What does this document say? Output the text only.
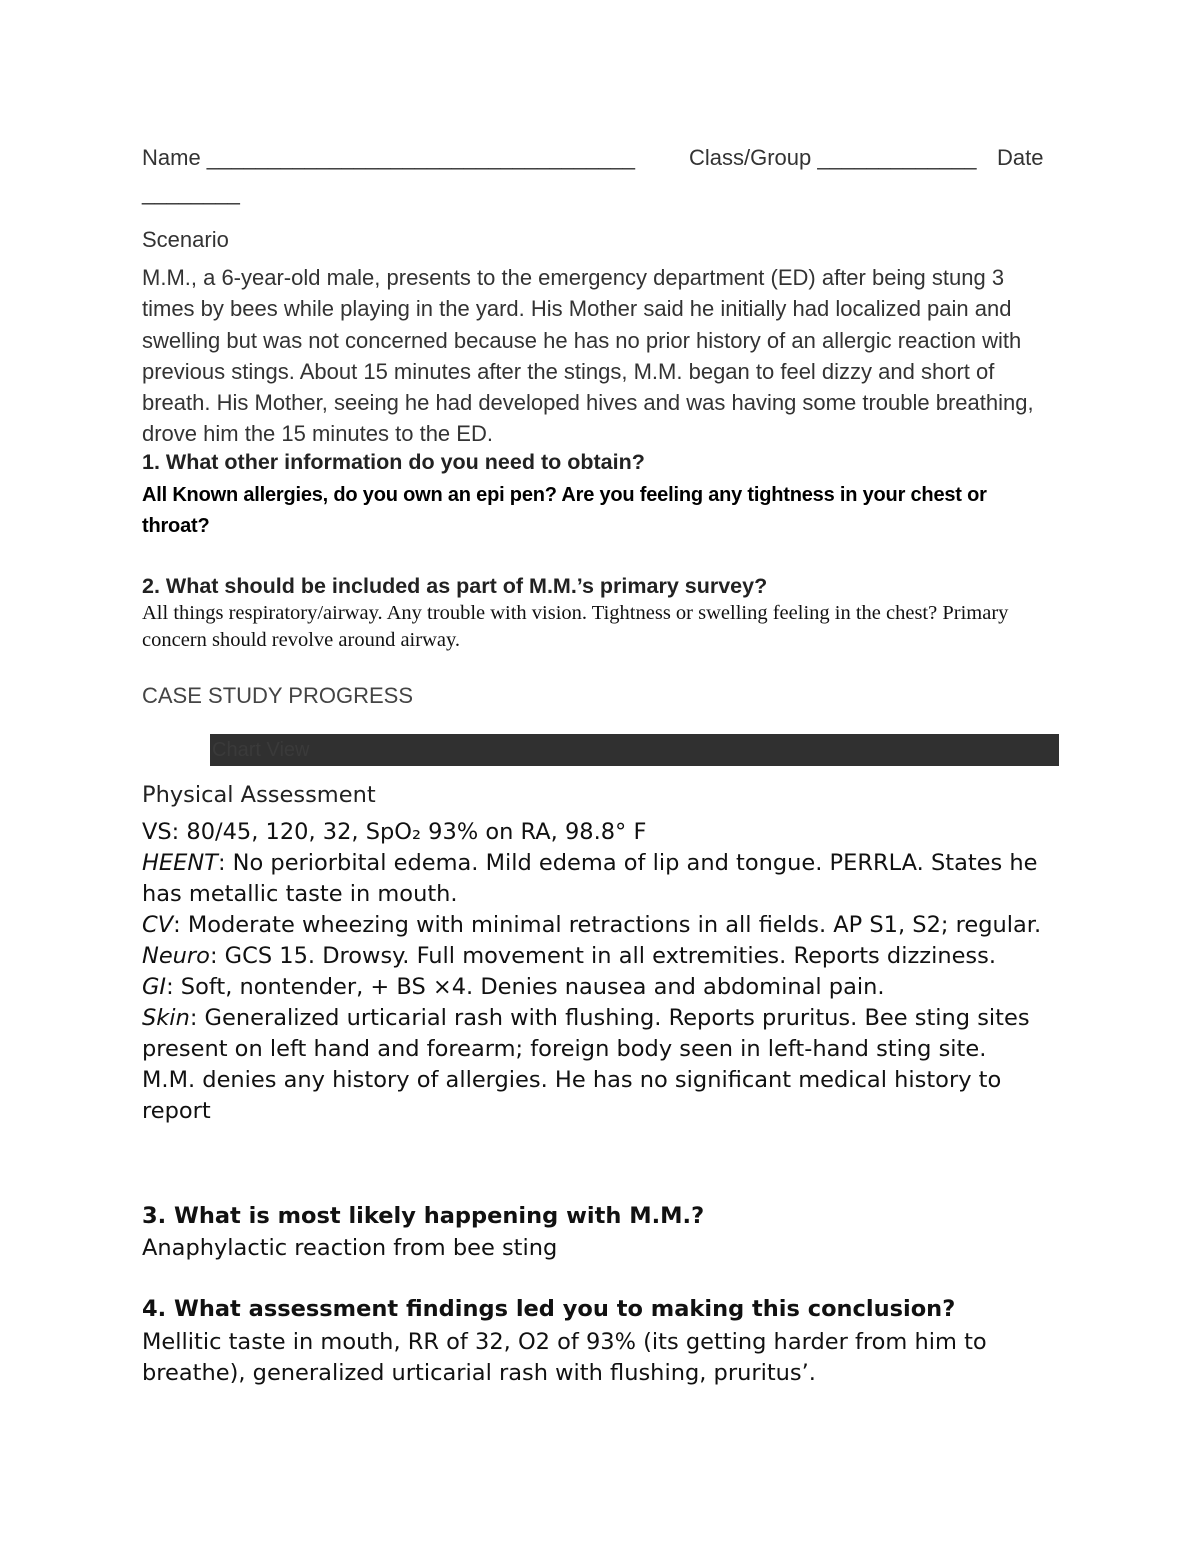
Name ___________________________________ Class/Group _____________ Date
________
Scenario
M.M., a 6-year-old male, presents to the emergency department (ED) after being stung 3 times by bees while playing in the yard. His Mother said he initially had localized pain and swelling but was not concerned because he has no prior history of an allergic reaction with previous stings. About 15 minutes after the stings, M.M. began to feel dizzy and short of breath. His Mother, seeing he had developed hives and was having some trouble breathing, drove him the 15 minutes to the ED.
1. What other information do you need to obtain?
All Known allergies, do you own an epi pen? Are you feeling any tightness in your chest or throat?
2. What should be included as part of M.M.’s primary survey?
All things respiratory/airway. Any trouble with vision. Tightness or swelling feeling in the chest? Primary concern should revolve around airway.
CASE STUDY PROGRESS
Chart View
Physical Assessment
VS: 80/45, 120, 32, SpO₂ 93% on RA, 98.8° F
HEENT: No periorbital edema. Mild edema of lip and tongue. PERRLA. States he has metallic taste in mouth.
CV: Moderate wheezing with minimal retractions in all fields. AP S1, S2; regular.
Neuro: GCS 15. Drowsy. Full movement in all extremities. Reports dizziness.
GI: Soft, nontender, + BS ×4. Denies nausea and abdominal pain.
Skin: Generalized urticarial rash with flushing. Reports pruritus. Bee sting sites present on left hand and forearm; foreign body seen in left-hand sting site.
M.M. denies any history of allergies. He has no significant medical history to report
3. What is most likely happening with M.M.?
Anaphylactic reaction from bee sting
4. What assessment findings led you to making this conclusion?
Mellitic taste in mouth, RR of 32, O2 of 93% (its getting harder from him to breathe), generalized urticarial rash with flushing, pruritus’.
